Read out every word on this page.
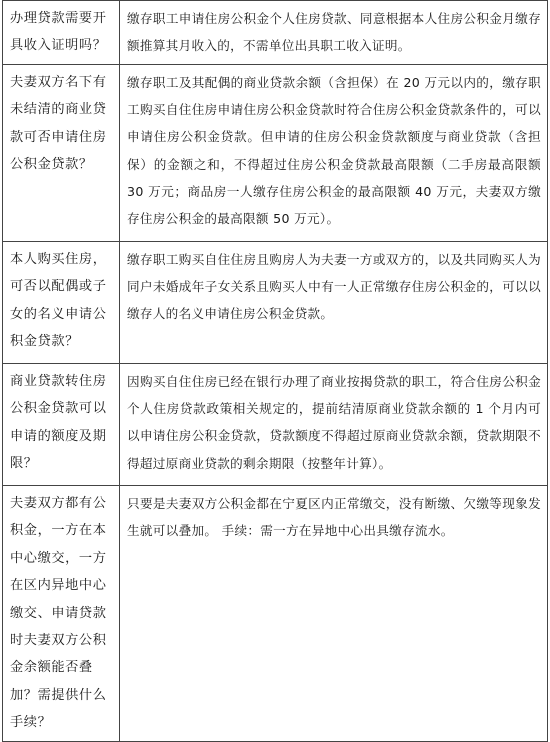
办理贷款需要开具收入证明吗？	缴存职工申请住房公积金个人住房贷款、同意根据本人住房公积金月缴存额推算其月收入的，不需单位出具职工收入证明。
夫妻双方名下有未结清的商业贷款可否申请住房公积金贷款？	缴存职工及其配偶的商业贷款余额（含担保）在 20 万元以内的，缴存职工购买自住住房申请住房公积金贷款时符合住房公积金贷款条件的，可以申请住房公积金贷款。但申请的住房公积金贷款额度与商业贷款（含担保）的金额之和，不得超过住房公积金贷款最高限额（二手房最高限额 30 万元；商品房一人缴存住房公积金的最高限额 40 万元，夫妻双方缴存住房公积金的最高限额 50 万元）。
本人购买住房，可否以配偶或子女的名义申请公积金贷款？	缴存职工购买自住住房且购房人为夫妻一方或双方的，以及共同购买人为同户未婚成年子女关系且购买人中有一人正常缴存住房公积金的，可以以缴存人的名义申请住房公积金贷款。
商业贷款转住房公积金贷款可以申请的额度及期限？	因购买自住住房已经在银行办理了商业按揭贷款的职工，符合住房公积金个人住房贷款政策相关规定的，提前结清原商业贷款余额的 1 个月内可以申请住房公积金贷款，贷款额度不得超过原商业贷款余额，贷款期限不得超过原商业贷款的剩余期限（按整年计算）。
夫妻双方都有公积金，一方在本中心缴交，一方在区内异地中心缴交、申请贷款时夫妻双方公积金余额能否叠加？需提供什么手续？	只要是夫妻双方公积金都在宁夏区内正常缴交，没有断缴、欠缴等现象发生就可以叠加。 手续：需一方在异地中心出具缴存流水。
